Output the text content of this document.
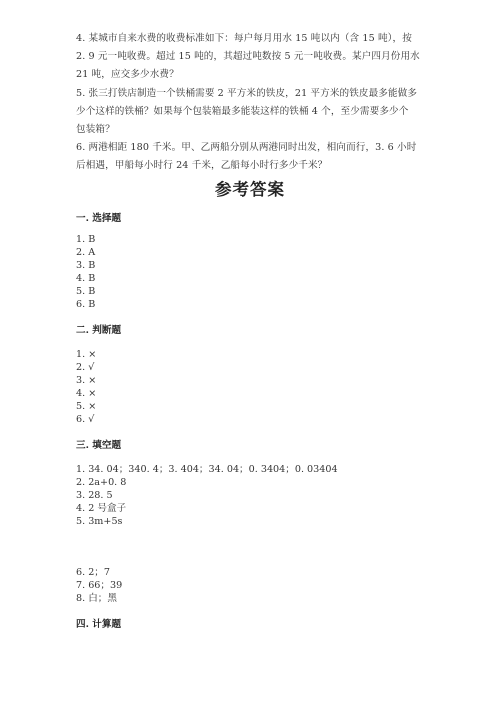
4. 某城市自来水费的收费标准如下：每户每月用水 15 吨以内（含 15 吨），按
2. 9 元一吨收费。超过 15 吨的，其超过吨数按 5 元一吨收费。某户四月份用水
21 吨，应交多少水费？
5. 张三打铁店制造一个铁桶需要 2 平方米的铁皮，21 平方米的铁皮最多能做多
少个这样的铁桶？如果每个包装箱最多能装这样的铁桶 4 个，至少需要多少个
包装箱？
6. 两港相距 180 千米。甲、乙两船分别从两港同时出发，相向而行，3. 6 小时
后相遇，甲船每小时行 24 千米，乙船每小时行多少千米？
参考答案
一. 选择题
1. B
2. A
3. B
4. B
5. B
6. B
二. 判断题
1. ×
2. √
3. ×
4. ×
5. ×
6. √
三. 填空题
1. 34. 04；340. 4；3. 404；34. 04；0. 3404；0. 03404
2. 2a+0. 8
3. 28. 5
4. 2 号盒子
5. 3m+5s
6. 2；7
7. 66；39
8. 白；黑
四. 计算题
